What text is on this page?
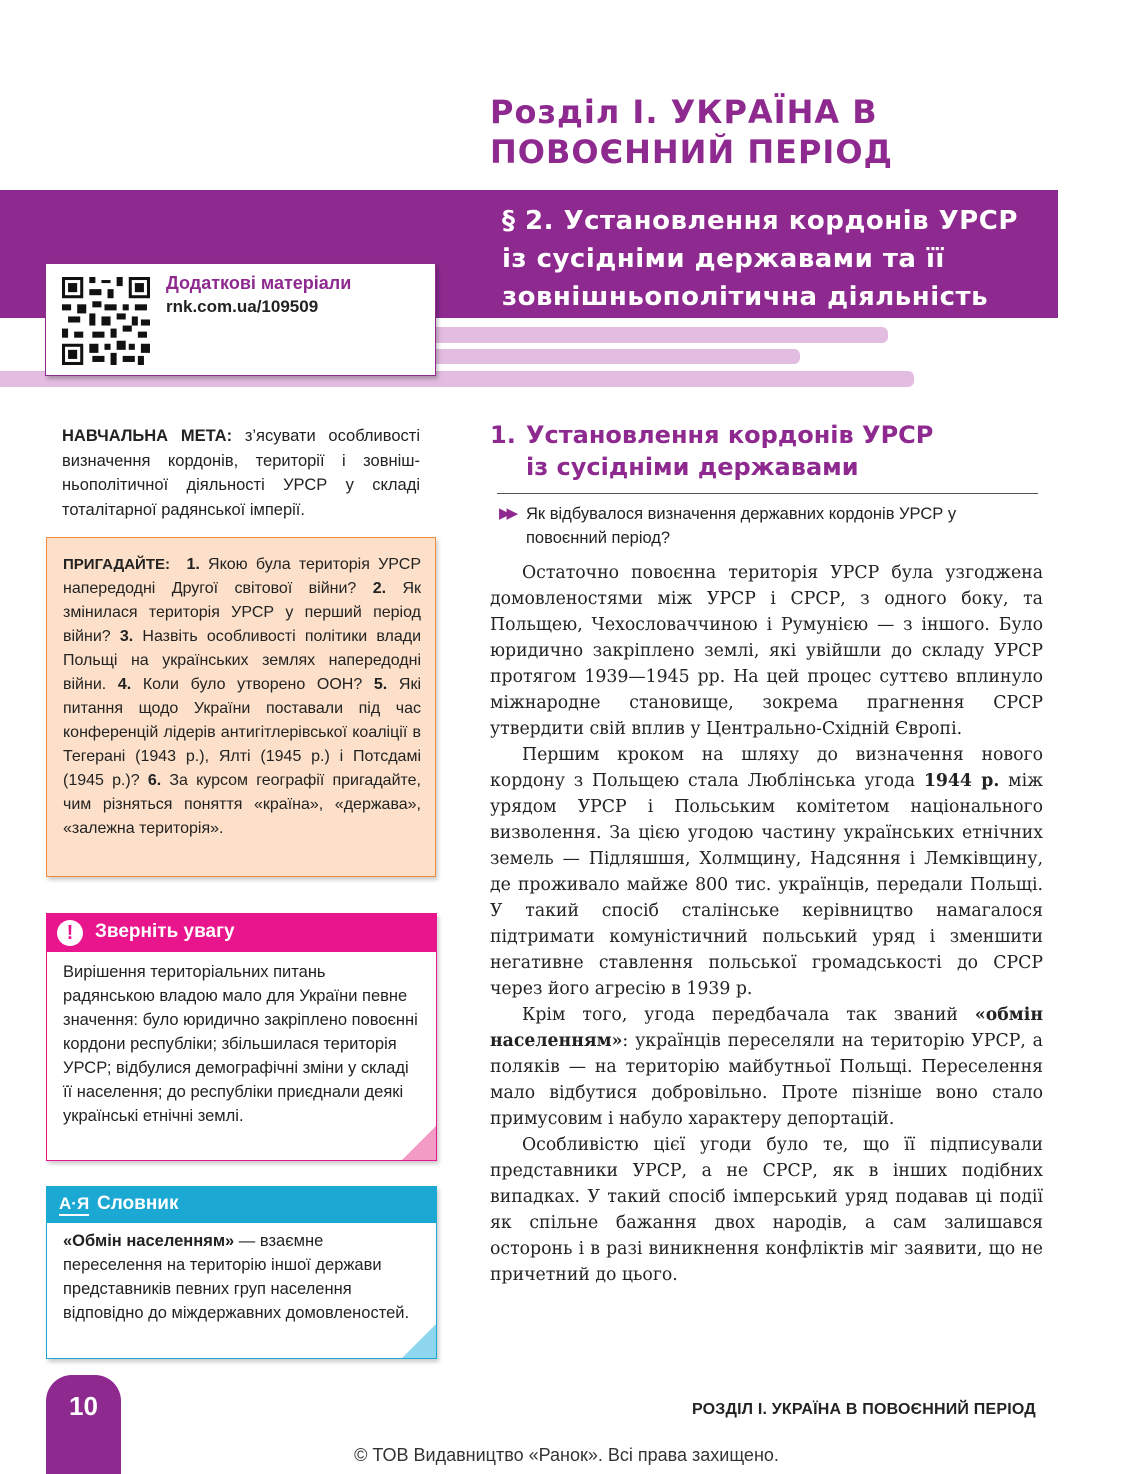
Розділ І. УКРАЇНА В ПОВОЄННИЙ ПЕРІОД
§ 2. Установлення кордонів УРСР із сусідніми державами та її зовнішньополітична діяльність
Додаткові матеріали
rnk.com.ua/109509
НАВЧАЛЬНА МЕТА: з’ясувати особливості визначення кордонів, території і зовнішньополітичної діяльності УРСР у складі тоталітарної радянської імперії.
ПРИГАДАЙТЕ: 1. Якою була територія УРСР напередодні Другої світової війни? 2. Як змінилася територія УРСР у перший період війни? 3. Назвіть особливості політики влади Польщі на українських землях напередодні війни. 4. Коли було утворено ООН? 5. Які питання щодо України поставали під час конференцій лідерів антигітлерівської коаліції в Тегерані (1943 р.), Ялті (1945 р.) і Потсдамі (1945 р.)? 6. За курсом географії пригадайте, чим різняться поняття «країна», «держава», «залежна територія».
!	Зверніть увагу
Вирішення територіальних питань радянською владою мало для України певне значення: було юридично закріплено повоєнні кордони республіки; збільшилася територія УРСР; відбулися демографічні зміни у складі її населення; до республіки приєднали деякі українські етнічні землі.
А·Я Словник
«Обмін населенням» — взаємне переселення на територію іншої держави представників певних груп населення відповідно до міждержавних домовленостей.
1. Установлення кордонів УРСР
із сусідніми державами
▶▶ Як відбувалося визначення державних кордонів УРСР у повоєнний період?

Остаточно повоєнна територія УРСР була узгоджена домовленостями між УРСР і СРСР, з одного боку, та Польщею, Чехословаччиною і Румунією — з іншого. Було юридично закріплено землі, які увійшли до складу УРСР протягом 1939—1945 рр. На цей процес суттєво вплинуло міжнародне становище, зокрема прагнення СРСР утвердити свій вплив у Центрально-Східній Європі.

Першим кроком на шляху до визначення нового кордону з Польщею стала Люблінська угода 1944 р. між урядом УРСР і Польським комітетом національного визволення. За цією угодою частину українських етнічних земель — Підляшшя, Холмщину, Надсяння і Лемківщину, де проживало майже 800 тис. українців, передали Польщі. У такий спосіб сталінське керівництво намагалося підтримати комуністичний польський уряд і зменшити негативне ставлення польської громадськості до СРСР через його агресію в 1939 р.

Крім того, угода передбачала так званий «обмін населенням»: українців переселяли на територію УРСР, а поляків — на територію майбутньої Польщі. Переселення мало відбутися добровільно. Проте пізніше воно стало примусовим і набуло характеру депортацій.

Особливістю цієї угоди було те, що її підписували представники УРСР, а не СРСР, як в інших подібних випадках. У такий спосіб імперський уряд подавав ці події як спільне бажання двох народів, а сам залишався осторонь і в разі виникнення конфліктів міг заявити, що не причетний до цього.

10	РОЗДІЛ І. УКРАЇНА В ПОВОЄННИЙ ПЕРІОД
© ТОВ Видавництво «Ранок». Всі права захищено.
